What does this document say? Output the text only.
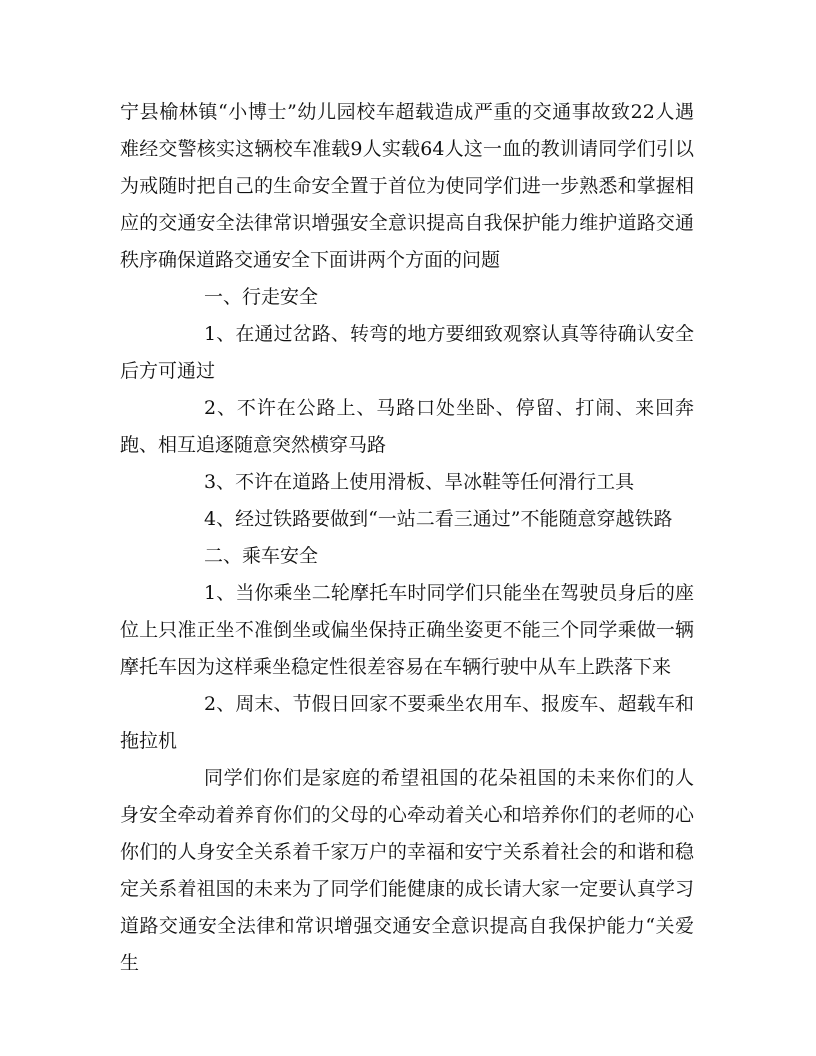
宁县榆林镇“小博士”幼儿园校车超载造成严重的交通事故致22人遇难经交警核实这辆校车准载9人实载64人这一血的教训请同学们引以为戒随时把自己的生命安全置于首位为使同学们进一步熟悉和掌握相应的交通安全法律常识增强安全意识提高自我保护能力维护道路交通秩序确保道路交通安全下面讲两个方面的问题

一、行走安全

1、在通过岔路、转弯的地方要细致观察认真等待确认安全后方可通过

2、不许在公路上、马路口处坐卧、停留、打闹、来回奔跑、相互追逐随意突然横穿马路

3、不许在道路上使用滑板、旱冰鞋等任何滑行工具

4、经过铁路要做到“一站二看三通过”不能随意穿越铁路

二、乘车安全

1、当你乘坐二轮摩托车时同学们只能坐在驾驶员身后的座位上只准正坐不准倒坐或偏坐保持正确坐姿更不能三个同学乘做一辆摩托车因为这样乘坐稳定性很差容易在车辆行驶中从车上跌落下来

2、周末、节假日回家不要乘坐农用车、报废车、超载车和拖拉机

同学们你们是家庭的希望祖国的花朵祖国的未来你们的人身安全牵动着养育你们的父母的心牵动着关心和培养你们的老师的心你们的人身安全关系着千家万户的幸福和安宁关系着社会的和谐和稳定关系着祖国的未来为了同学们能健康的成长请大家一定要认真学习道路交通安全法律和常识增强交通安全意识提高自我保护能力“关爱生
